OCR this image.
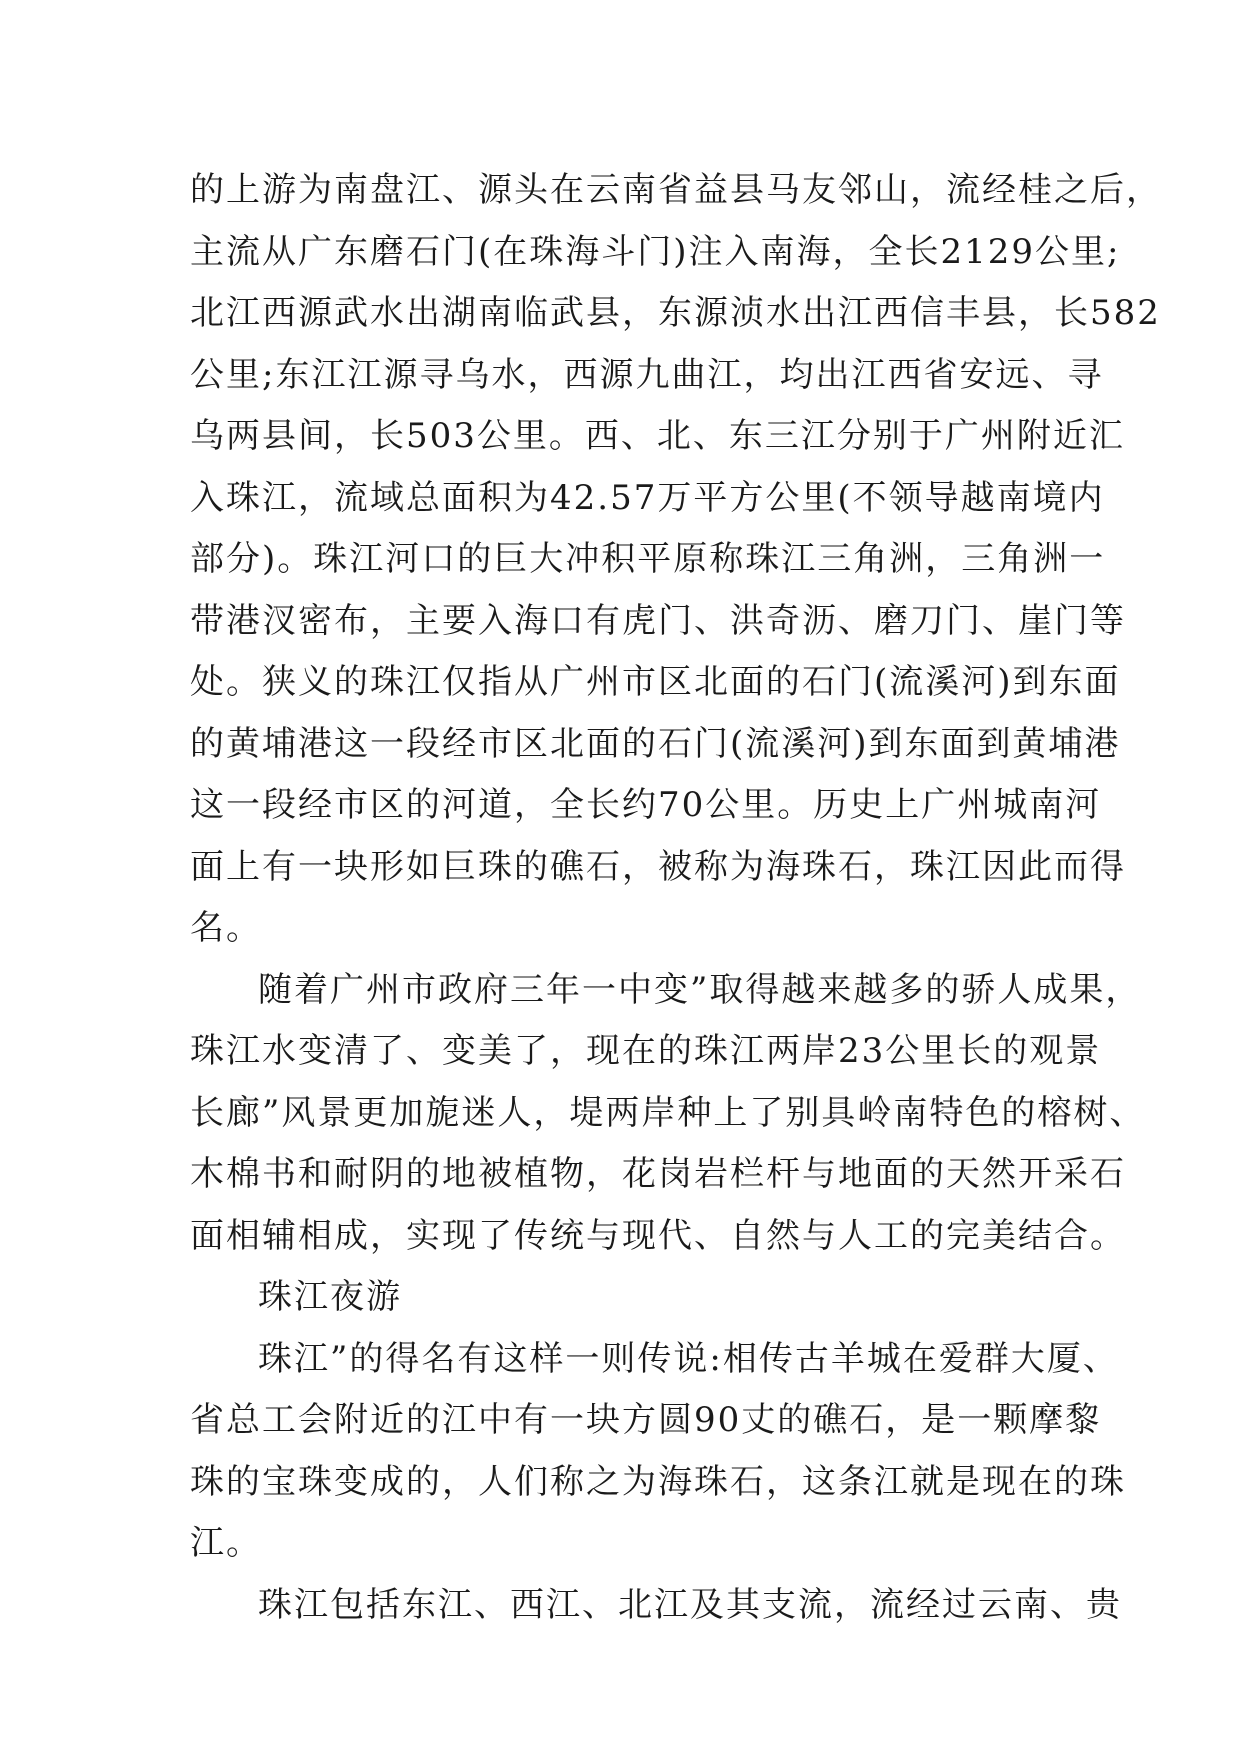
的上游为南盘江、源头在云南省益县马友邻山，流经桂之后，
主流从广东磨石门(在珠海斗门)注入南海，全长2129公里;
北江西源武水出湖南临武县，东源浈水出江西信丰县，长582
公里;东江江源寻乌水，西源九曲江，均出江西省安远、寻
乌两县间，长503公里。西、北、东三江分别于广州附近汇
入珠江，流域总面积为42.57万平方公里(不领导越南境内
部分)。珠江河口的巨大冲积平原称珠江三角洲，三角洲一
带港汊密布，主要入海口有虎门、洪奇沥、磨刀门、崖门等
处。狭义的珠江仅指从广州市区北面的石门(流溪河)到东面
的黄埔港这一段经市区北面的石门(流溪河)到东面到黄埔港
这一段经市区的河道，全长约70公里。历史上广州城南河
面上有一块形如巨珠的礁石，被称为海珠石，珠江因此而得
名。
随着广州市政府三年一中变”取得越来越多的骄人成果，
珠江水变清了、变美了，现在的珠江两岸23公里长的观景
长廊”风景更加旎迷人，堤两岸种上了别具岭南特色的榕树、
木棉书和耐阴的地被植物，花岗岩栏杆与地面的天然开采石
面相辅相成，实现了传统与现代、自然与人工的完美结合。
珠江夜游
珠江”的得名有这样一则传说:相传古羊城在爱群大厦、
省总工会附近的江中有一块方圆90丈的礁石，是一颗摩黎
珠的宝珠变成的，人们称之为海珠石，这条江就是现在的珠
江。
珠江包括东江、西江、北江及其支流，流经过云南、贵
